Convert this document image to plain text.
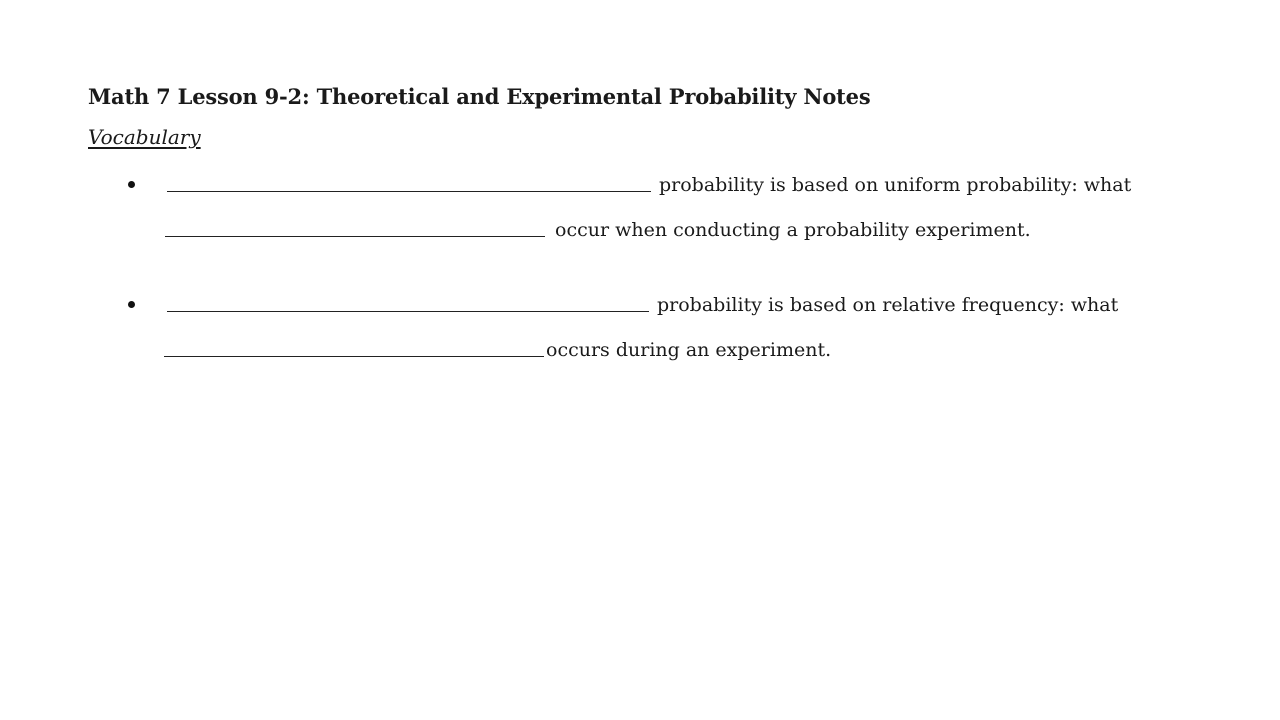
Math 7 Lesson 9-2: Theoretical and Experimental Probability Notes
Vocabulary
probability is based on uniform probability: what
occur when conducting a probability experiment.
probability is based on relative frequency: what
occurs during an experiment.
